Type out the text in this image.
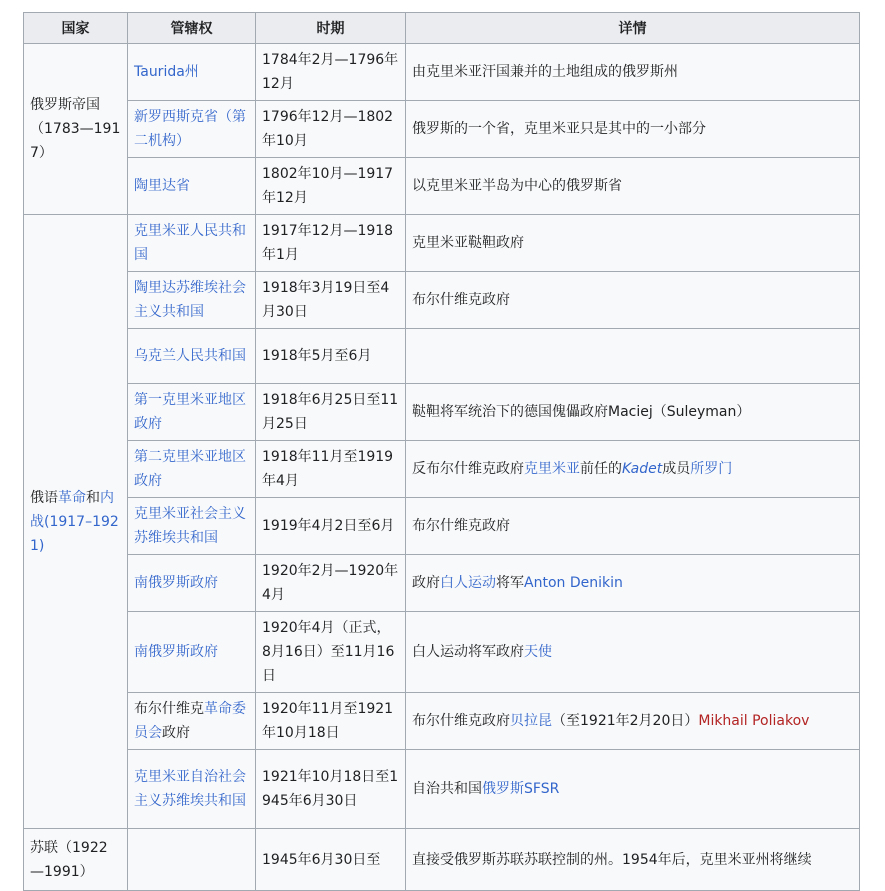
国家	管辖权	时期	详情
俄罗斯帝国（1783—1917）	Taurida州	1784年2月—1796年12月	由克里米亚汗国兼并的土地组成的俄罗斯州
	新罗西斯克省（第二机构）	1796年12月—1802年10月	俄罗斯的一个省，克里米亚只是其中的一小部分
	陶里达省	1802年10月—1917年12月	以克里米亚半岛为中心的俄罗斯省
俄语革命和内战(1917–1921)	克里米亚人民共和国	1917年12月—1918年1月	克里米亚鞑靼政府
	陶里达苏维埃社会主义共和国	1918年3月19日至4月30日	布尔什维克政府
	乌克兰人民共和国	1918年5月至6月	
	第一克里米亚地区政府	1918年6月25日至11月25日	鞑靼将军统治下的德国傀儡政府Maciej（Suleyman）
	第二克里米亚地区政府	1918年11月至1919年4月	反布尔什维克政府克里米亚前任的Kadet成员所罗门
	克里米亚社会主义苏维埃共和国	1919年4月2日至6月	布尔什维克政府
	南俄罗斯政府	1920年2月—1920年4月	政府白人运动将军Anton Denikin
	南俄罗斯政府	1920年4月（正式，8月16日）至11月16日	白人运动将军政府天使
	布尔什维克革命委员会政府	1920年11月至1921年10月18日	布尔什维克政府贝拉昆（至1921年2月20日）Mikhail Poliakov
	克里米亚自治社会主义苏维埃共和国	1921年10月18日至1945年6月30日	自治共和国俄罗斯SFSR
苏联（1922—1991）		1945年6月30日至	直接受俄罗斯苏联苏联控制的州。1954年后，克里米亚州将继续
